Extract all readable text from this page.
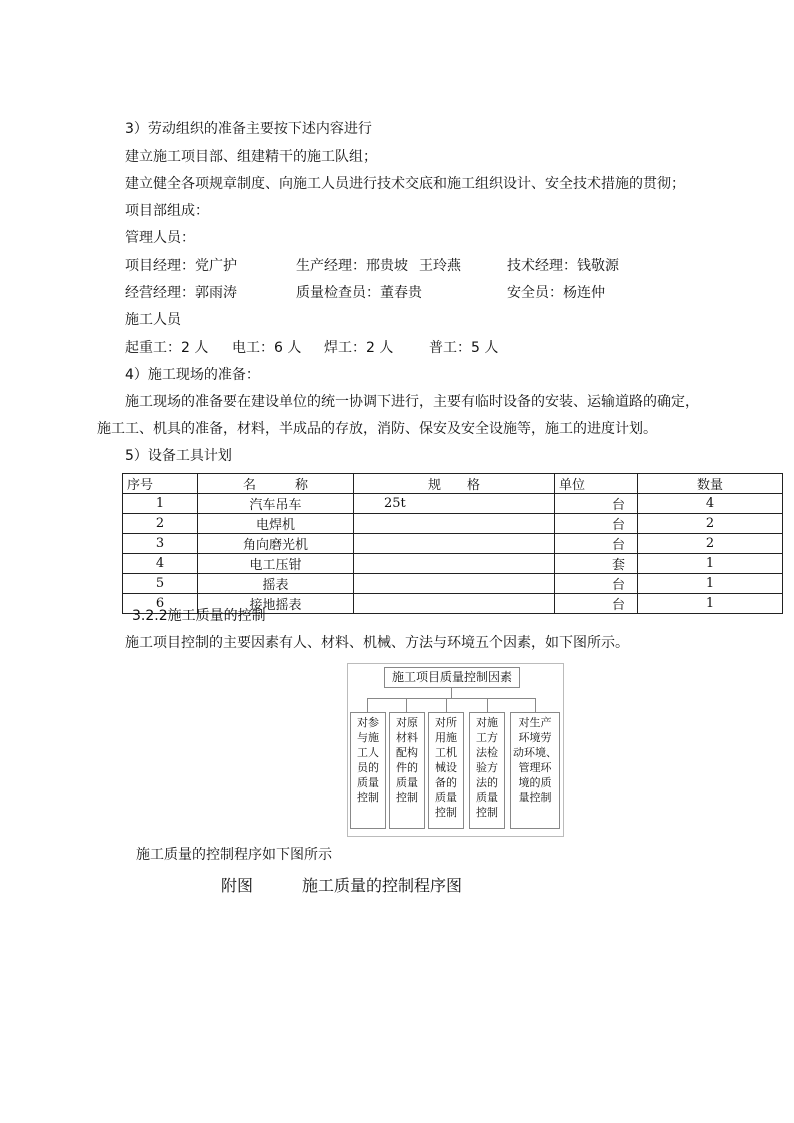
3）劳动组织的准备主要按下述内容进行
建立施工项目部、组建精干的施工队组；
建立健全各项规章制度、向施工人员进行技术交底和施工组织设计、安全技术措施的贯彻；
项目部组成：
管理人员：
项目经理：党广护	生产经理：邢贵坡 王玲燕	技术经理：钱敬源
经营经理：郭雨涛	质量检查员：董春贵	安全员：杨连仲
施工人员
起重工：2 人 电工：6 人 焊工：2 人	普工：5 人
4）施工现场的准备：
施工现场的准备要在建设单位的统一协调下进行，主要有临时设备的安装、运输道路的确定，
施工工、机具的准备，材料，半成品的存放，消防、保安及安全设施等，施工的进度计划。
5）设备工具计划
序号	名　　　称	规　　格	单位	数量
1	汽车吊车	25t	台	4
2	电焊机		台	2
3	角向磨光机		台	2
4	电工压钳		套	1
5	摇表		台	1
6	接地摇表		台	1
3.2.2施工质量的控制
施工项目控制的主要因素有人、材料、机械、方法与环境五个因素，如下图所示。
施工项目质量控制因素
对参
与施
工人
员的
质量
控制
对原
材料
配构
件的
质量
控制
对所
用施
工机
械设
备的
质量
控制
对施
工方
法检
验方
法的
质量
控制
对生产
环境劳
动环境、
管理环
境的质
量控制
施工质量的控制程序如下图所示
附图	施工质量的控制程序图
